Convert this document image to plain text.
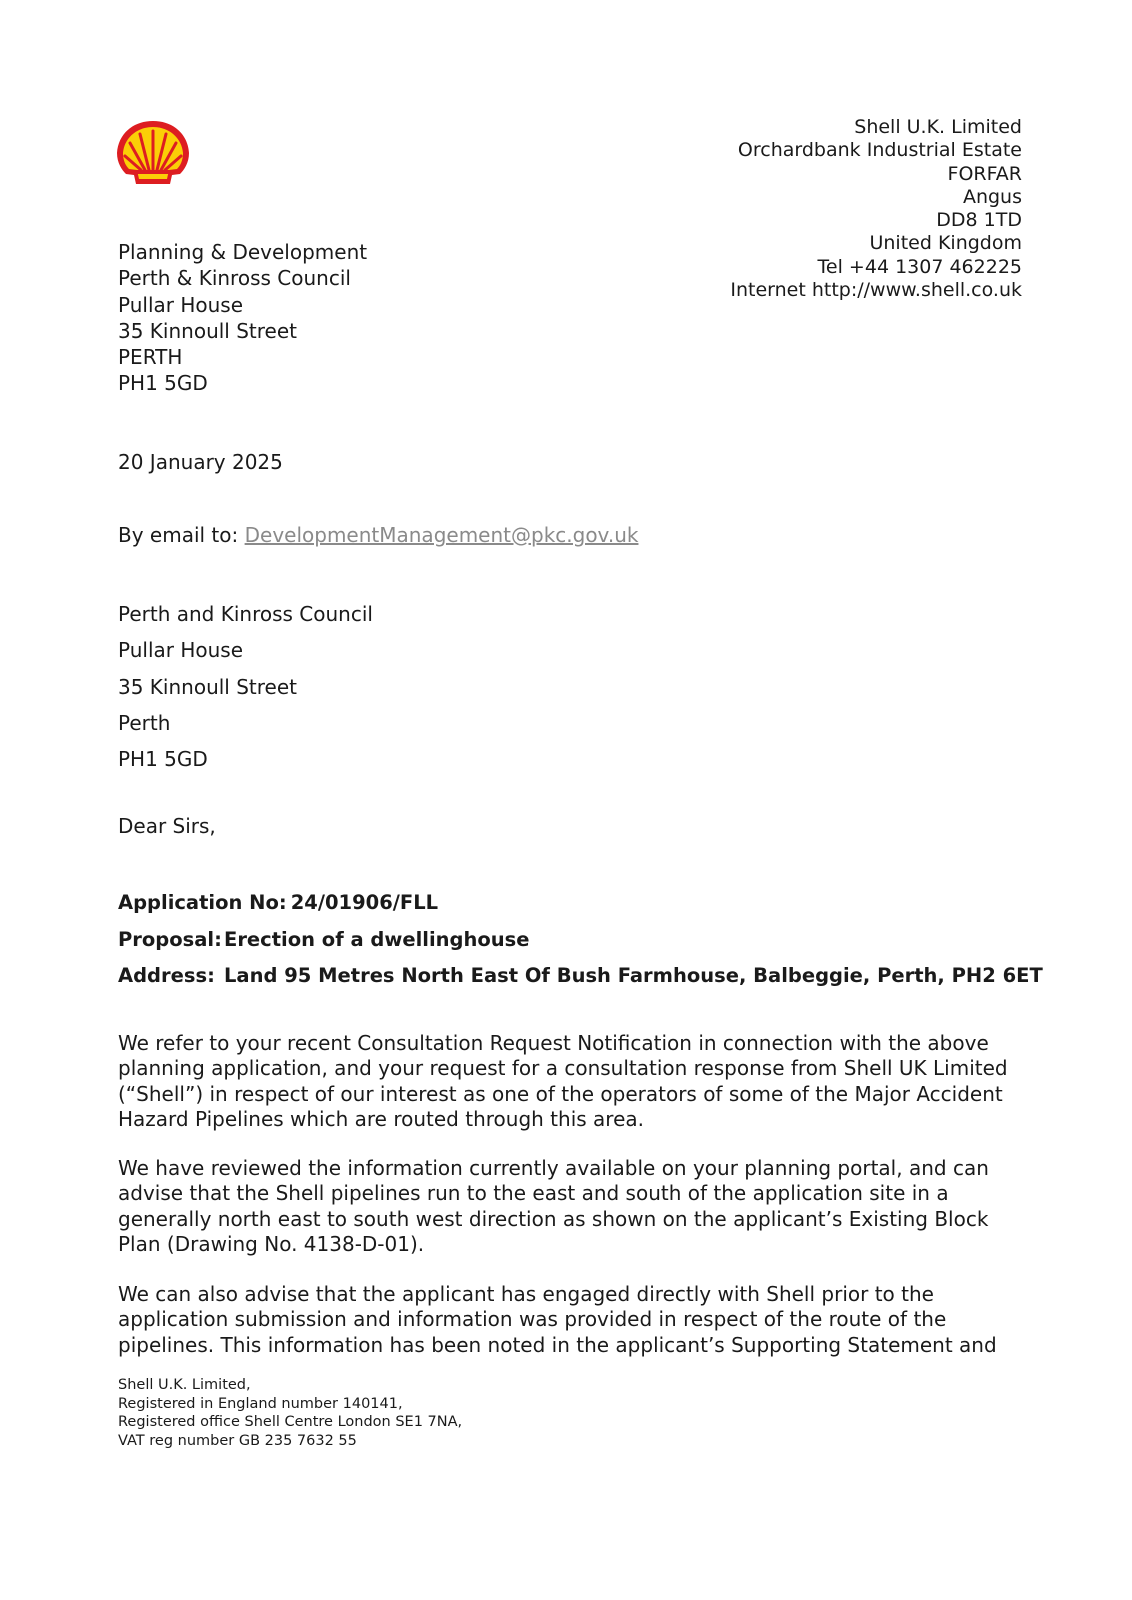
Shell U.K. Limited
Orchardbank Industrial Estate
FORFAR
Angus
DD8 1TD
United Kingdom
Tel +44 1307 462225
Internet http://www.shell.co.uk
Planning & Development
Perth & Kinross Council
Pullar House
35 Kinnoull Street
PERTH
PH1 5GD
20 January 2025
By email to: DevelopmentManagement@pkc.gov.uk
Perth and Kinross Council
Pullar House
35 Kinnoull Street
Perth
PH1 5GD
Dear Sirs,
Application No: 24/01906/FLL
Proposal: Erection of a dwellinghouse
Address: Land 95 Metres North East Of Bush Farmhouse, Balbeggie, Perth, PH2 6ET
We refer to your recent Consultation Request Notification in connection with the above
planning application, and your request for a consultation response from Shell UK Limited
(“Shell”) in respect of our interest as one of the operators of some of the Major Accident
Hazard Pipelines which are routed through this area.
We have reviewed the information currently available on your planning portal, and can
advise that the Shell pipelines run to the east and south of the application site in a
generally north east to south west direction as shown on the applicant’s Existing Block
Plan (Drawing No. 4138-D-01).
We can also advise that the applicant has engaged directly with Shell prior to the
application submission and information was provided in respect of the route of the
pipelines. This information has been noted in the applicant’s Supporting Statement and
Shell U.K. Limited,
Registered in England number 140141,
Registered office Shell Centre London SE1 7NA,
VAT reg number GB 235 7632 55
